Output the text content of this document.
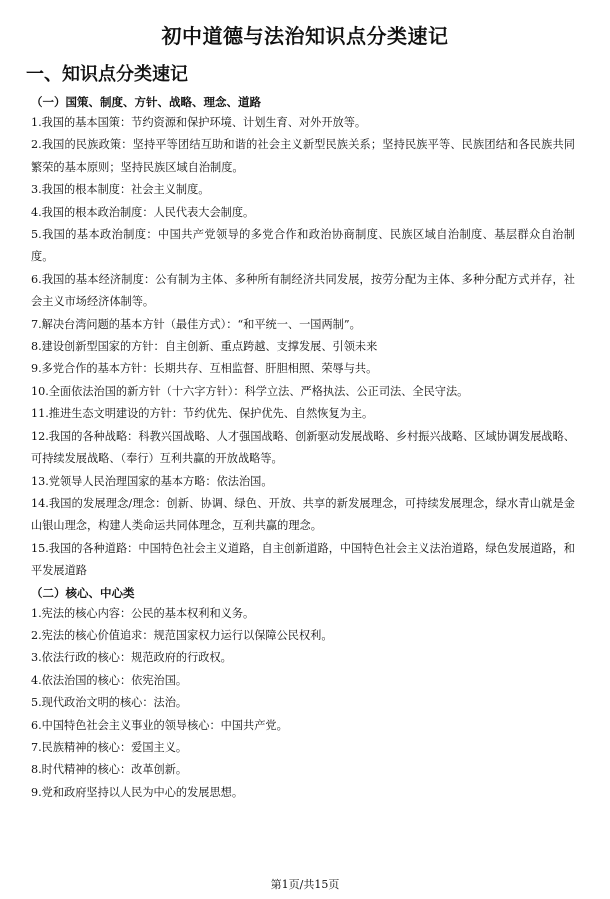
初中道德与法治知识点分类速记
一、知识点分类速记

（一）国策、制度、方针、战略、理念、道路

1.我国的基本国策：节约资源和保护环境、计划生育、对外开放等。

2.我国的民族政策：坚持平等团结互助和谐的社会主义新型民族关系；坚持民族平等、民族团结和各民族共同繁荣的基本原则；坚持民族区域自治制度。

3.我国的根本制度：社会主义制度。

4.我国的根本政治制度：人民代表大会制度。

5.我国的基本政治制度：中国共产党领导的多党合作和政治协商制度、民族区域自治制度、基层群众自治制度。

6.我国的基本经济制度：公有制为主体、多种所有制经济共同发展，按劳分配为主体、多种分配方式并存，社会主义市场经济体制等。

7.解决台湾问题的基本方针（最佳方式）：“和平统一、一国两制”。

8.建设创新型国家的方针：自主创新、重点跨越、支撑发展、引领未来

9.多党合作的基本方针：长期共存、互相监督、肝胆相照、荣辱与共。

10.全面依法治国的新方针（十六字方针）：科学立法、严格执法、公正司法、全民守法。

11.推进生态文明建设的方针：节约优先、保护优先、自然恢复为主。

12.我国的各种战略：科教兴国战略、人才强国战略、创新驱动发展战略、乡村振兴战略、区域协调发展战略、可持续发展战略、（奉行）互利共赢的开放战略等。

13.党领导人民治理国家的基本方略：依法治国。

14.我国的发展理念/理念：创新、协调、绿色、开放、共享的新发展理念，可持续发展理念，绿水青山就是金山银山理念，构建人类命运共同体理念，互利共赢的理念。

15.我国的各种道路：中国特色社会主义道路，自主创新道路，中国特色社会主义法治道路，绿色发展道路，和平发展道路

（二）核心、中心类

1.宪法的核心内容：公民的基本权利和义务。

2.宪法的核心价值追求：规范国家权力运行以保障公民权利。

3.依法行政的核心：规范政府的行政权。

4.依法治国的核心：依宪治国。

5.现代政治文明的核心：法治。

6.中国特色社会主义事业的领导核心：中国共产党。

7.民族精神的核心：爱国主义。

8.时代精神的核心：改革创新。

9.党和政府坚持以人民为中心的发展思想。

第1页/共15页
